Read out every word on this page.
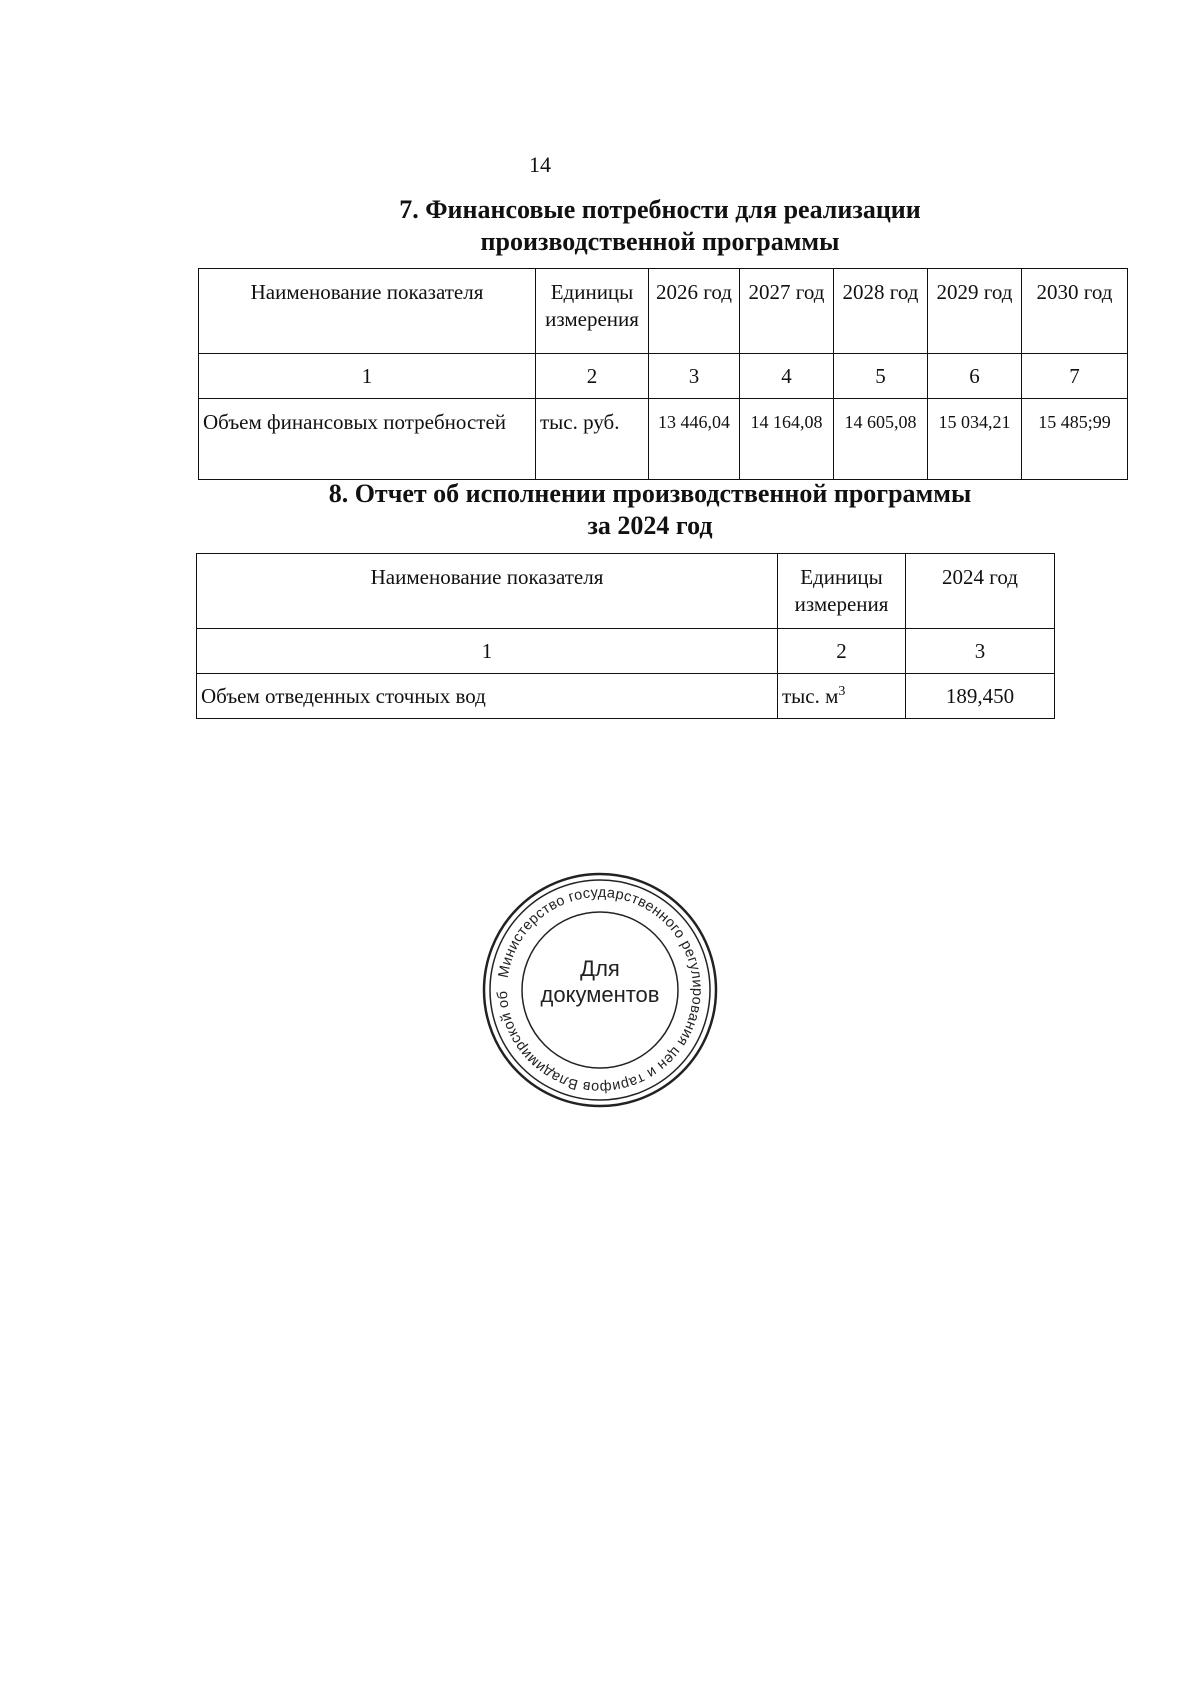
14
7. Финансовые потребности для реализации
производственной программы
Наименование показателя	Единицы измерения	2026 год	2027 год	2028 год	2029 год	2030 год
1	2	3	4	5	6	7
Объем финансовых потребностей	тыс. руб.	13 446,04	14 164,08	14 605,08	15 034,21	15 485;99
8. Отчет об исполнении производственной программы
за 2024 год
Наименование показателя	Единицы измерения	2024 год
1	2	3
Объем отведенных сточных вод	тыс. $м^3$	189,450
Министерство государственного регулирования цен и тарифов Владимирской об
Для
документов
